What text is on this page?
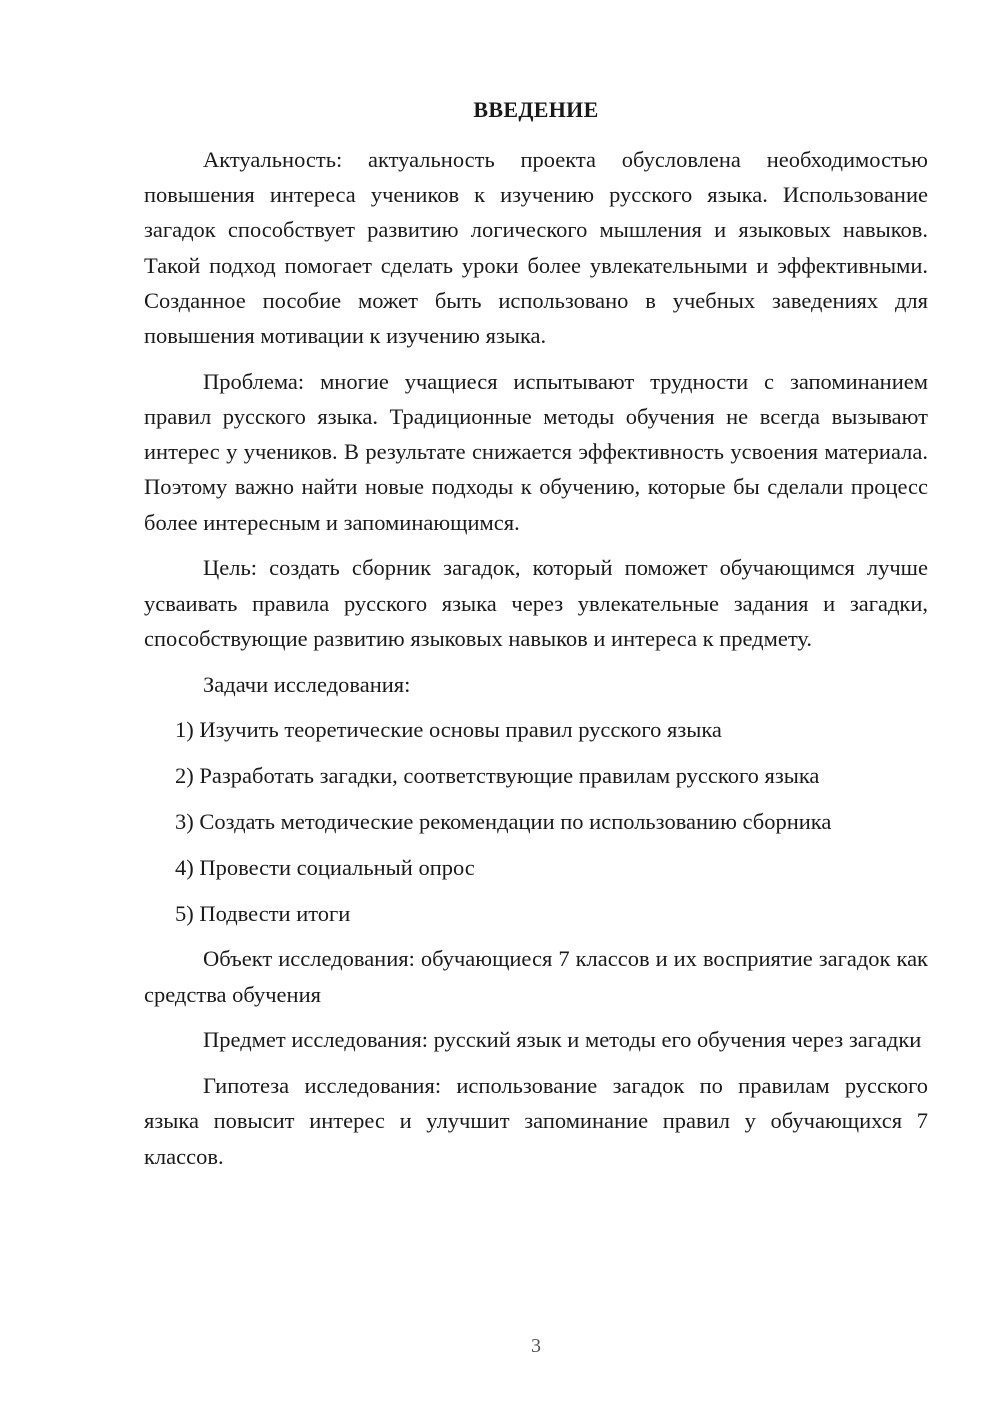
ВВЕДЕНИЕ

Актуальность: актуальность проекта обусловлена необходимостью повышения интереса учеников к изучению русского языка. Использование загадок способствует развитию логического мышления и языковых навыков. Такой подход помогает сделать уроки более увлекательными и эффективными. Созданное пособие может быть использовано в учебных заведениях для повышения мотивации к изучению языка.

Проблема: многие учащиеся испытывают трудности с запоминанием правил русского языка. Традиционные методы обучения не всегда вызывают интерес у учеников. В результате снижается эффективность усвоения материала. Поэтому важно найти новые подходы к обучению, которые бы сделали процесс более интересным и запоминающимся.

Цель: создать сборник загадок, который поможет обучающимся лучше усваивать правила русского языка через увлекательные задания и загадки, способствующие развитию языковых навыков и интереса к предмету.

Задачи исследования:

1) Изучить теоретические основы правил русского языка
2) Разработать загадки, соответствующие правилам русского языка
3) Создать методические рекомендации по использованию сборника
4) Провести социальный опрос
5) Подвести итоги

Объект исследования: обучающиеся 7 классов и их восприятие загадок как средства обучения

Предмет исследования: русский язык и методы его обучения через загадки

Гипотеза исследования: использование загадок по правилам русского языка повысит интерес и улучшит запоминание правил у обучающихся 7 классов.

3
